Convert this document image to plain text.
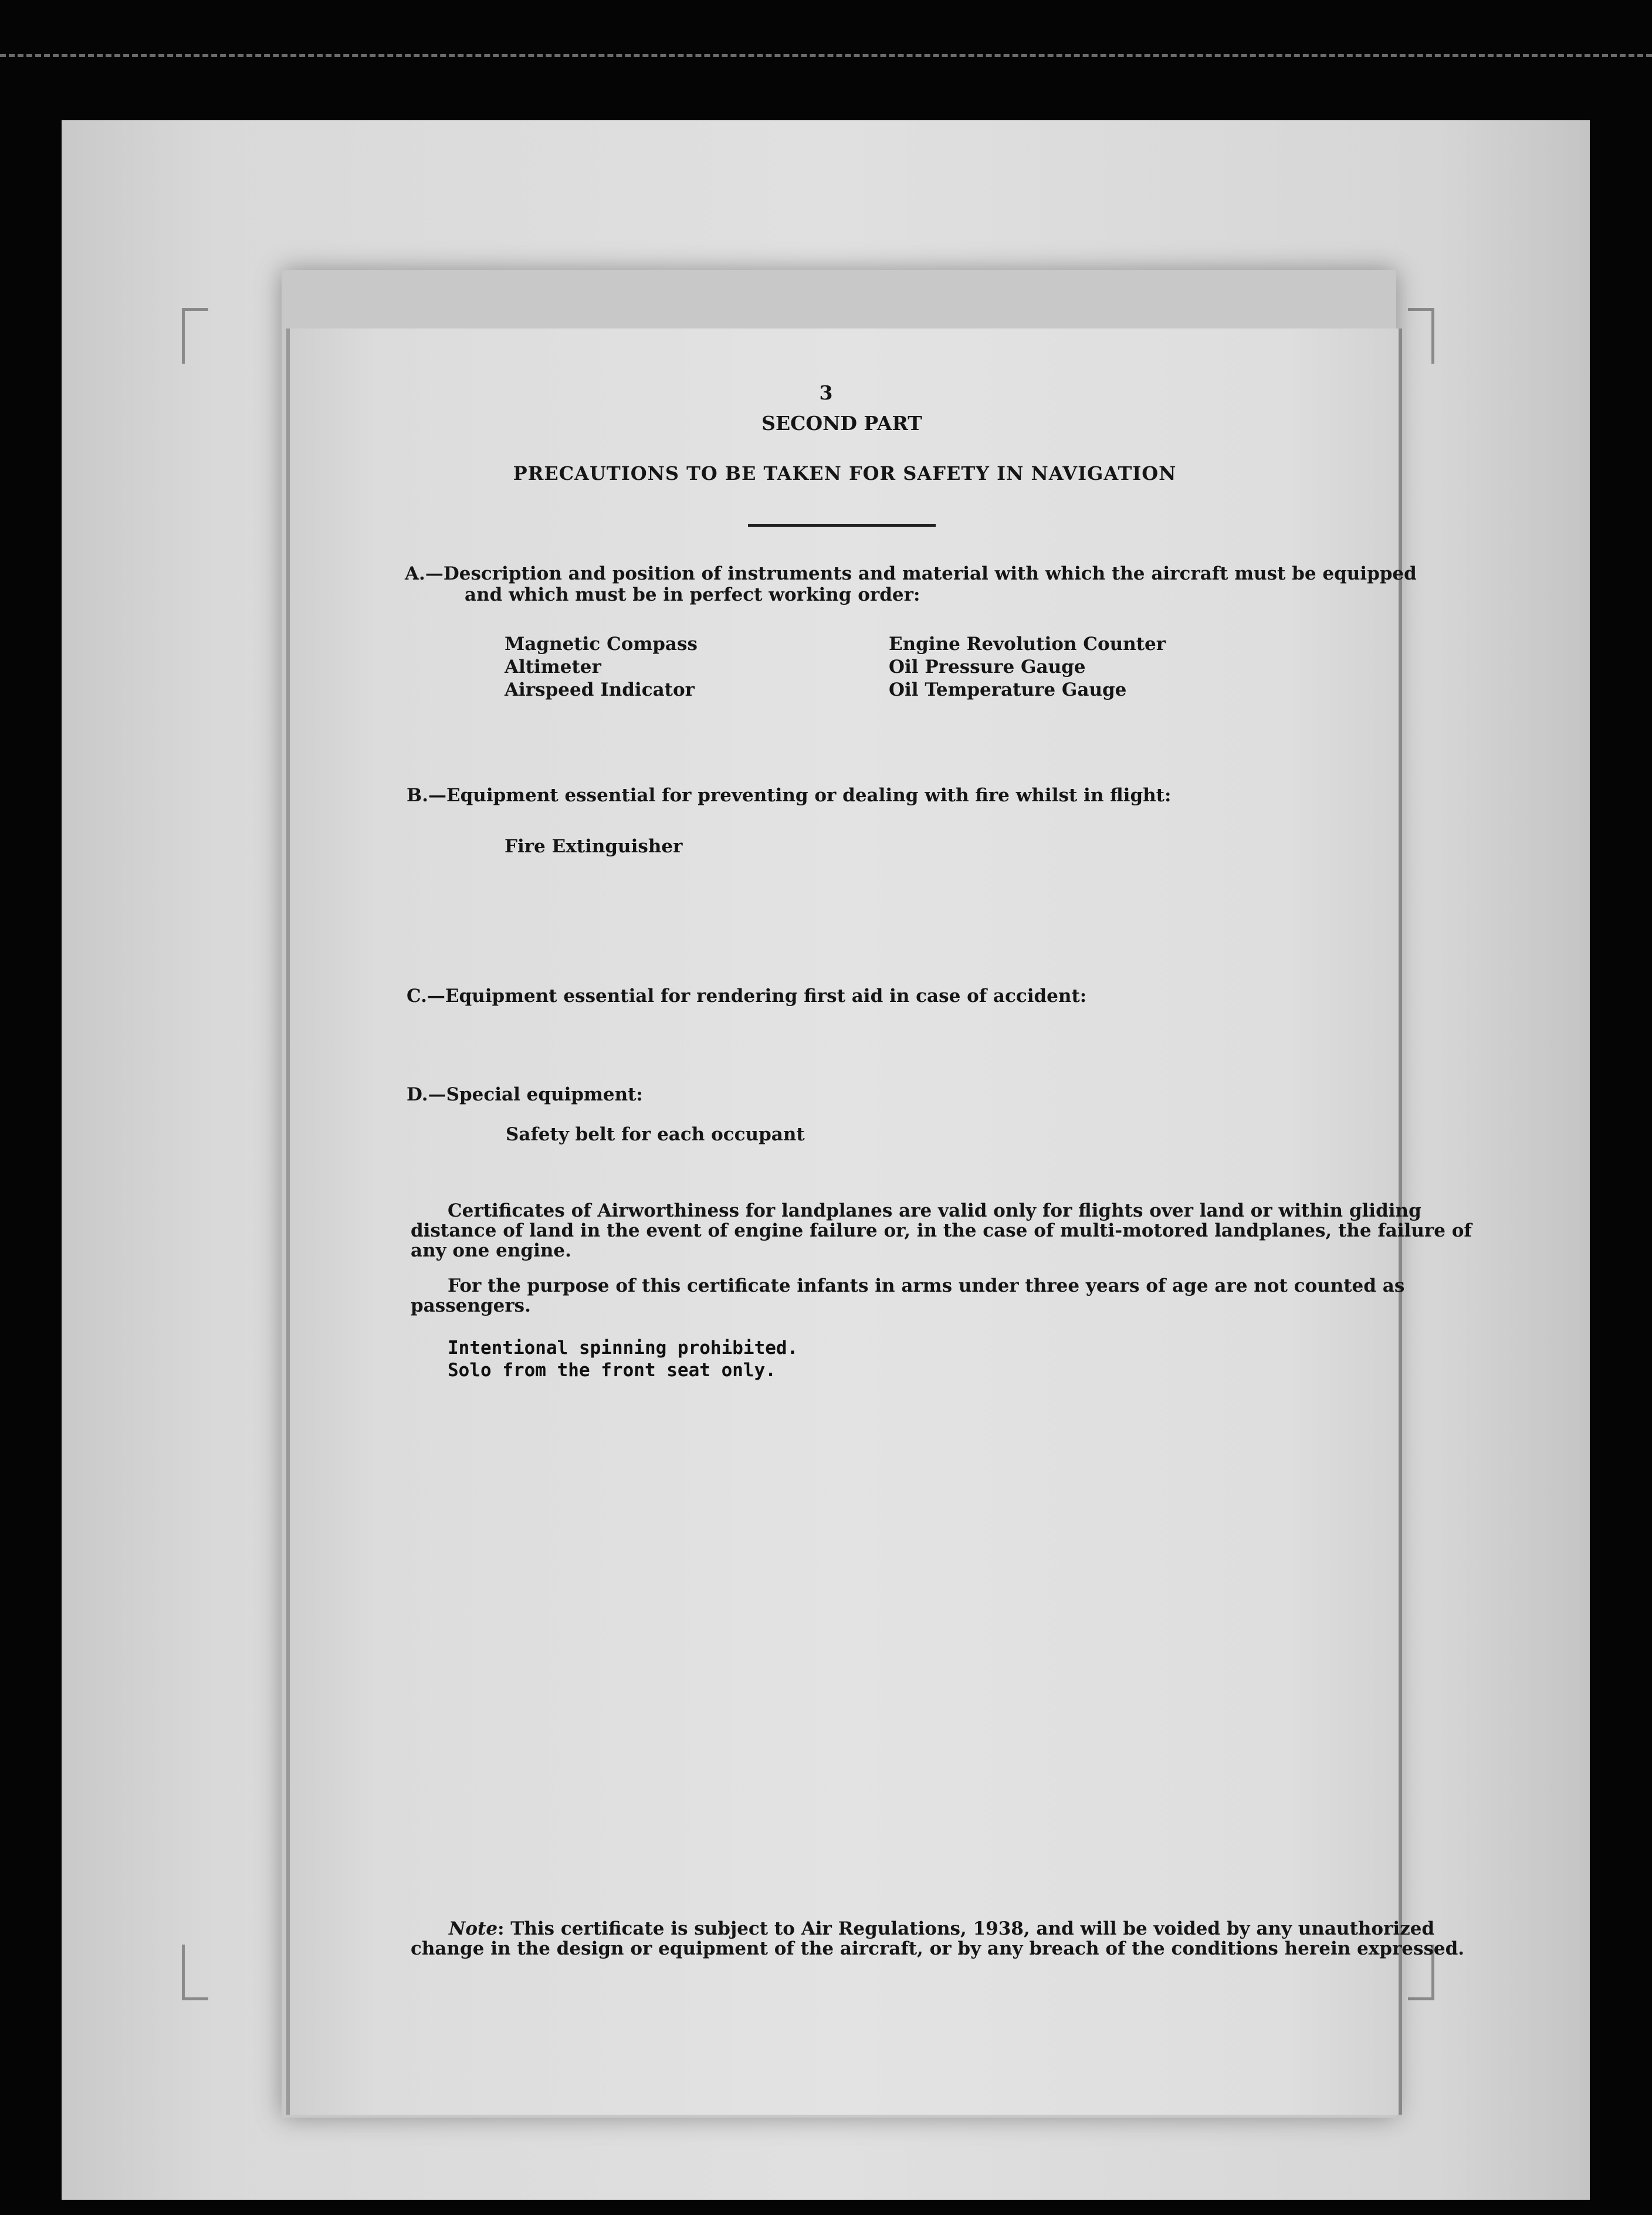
3
SECOND PART
PRECAUTIONS TO BE TAKEN FOR SAFETY IN NAVIGATION
A.—Description and position of instruments and material with which the aircraft must be equipped
and which must be in perfect working order:
Magnetic Compass
Altimeter
Airspeed Indicator
Engine Revolution Counter
Oil Pressure Gauge
Oil Temperature Gauge
B.—Equipment essential for preventing or dealing with fire whilst in flight:
Fire Extinguisher
C.—Equipment essential for rendering first aid in case of accident:
D.—Special equipment:
Safety belt for each occupant
Certificates of Airworthiness for landplanes are valid only for flights over land or within gliding
distance of land in the event of engine failure or, in the case of multi-motored landplanes, the failure of
any one engine.
For the purpose of this certificate infants in arms under three years of age are not counted as
passengers.
Intentional spinning prohibited.
Solo from the front seat only.
Note: This certificate is subject to Air Regulations, 1938, and will be voided by any unauthorized
change in the design or equipment of the aircraft, or by any breach of the conditions herein expressed.
